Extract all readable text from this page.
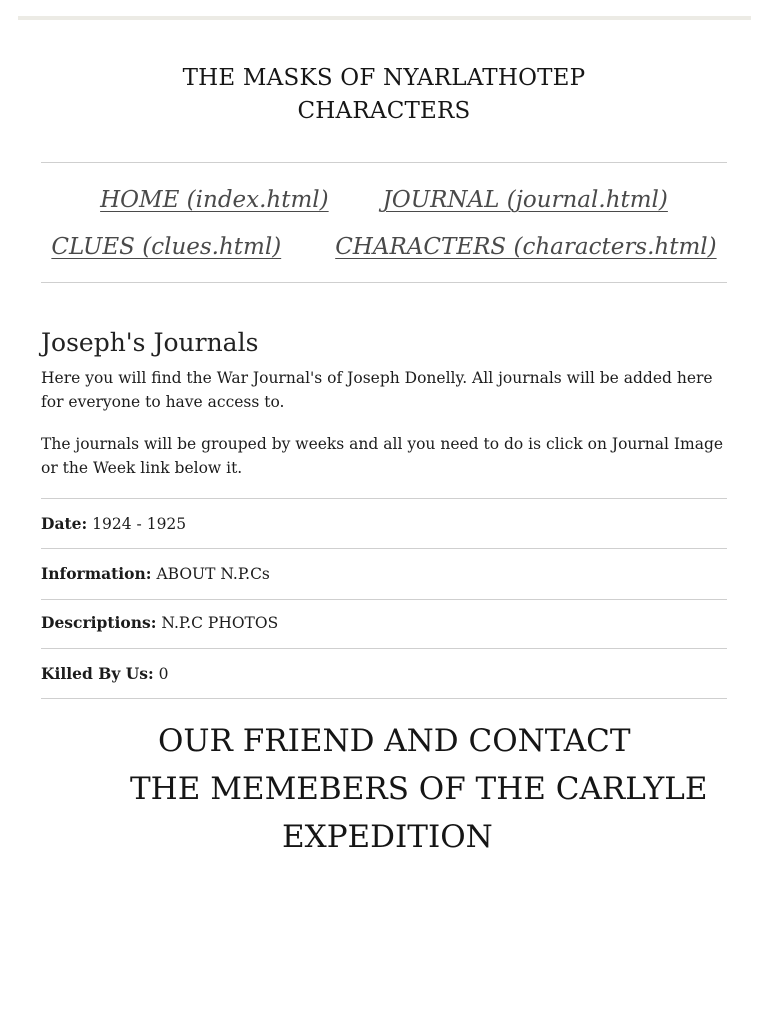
THE MASKS OF NYARLATHOTEP
CHARACTERS
HOME (index.html) JOURNAL (journal.html)
CLUES (clues.html) CHARACTERS (characters.html)
Joseph's Journals

Here you will find the War Journal's of Joseph Donelly. All journals will be added here for everyone to have access to.

The journals will be grouped by weeks and all you need to do is click on Journal Image or the Week link below it.

Date: 1924 - 1925
Information: ABOUT N.P.Cs
Descriptions: N.P.C PHOTOS
Killed By Us: 0
OUR FRIEND AND CONTACT
THE MEMEBERS OF THE CARLYLE
EXPEDITION
